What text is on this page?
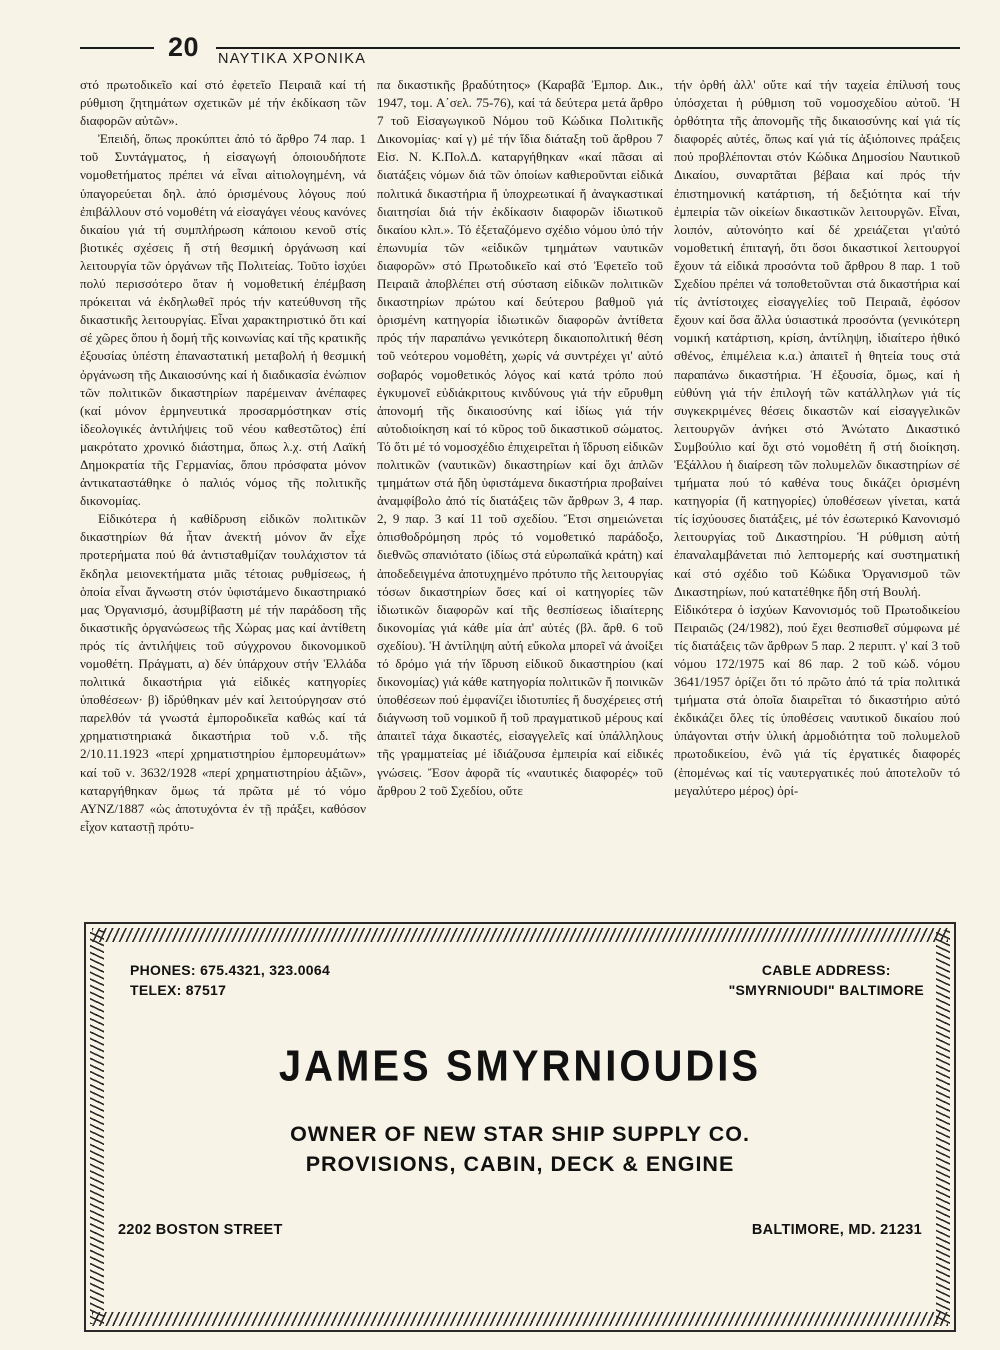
20 ΝΑΥΤΙΚΑ ΧΡΟΝΙΚΑ

στό πρωτοδικεῖο καί στό ἐφετεῖο Πειραιᾶ καί τή ρύθμιση ζητημάτων σχετικῶν μέ τήν ἐκδίκαση τῶν διαφορῶν αὐτῶν».

Ἐπειδή, ὅπως προκύπτει ἀπό τό ἄρθρο 74 παρ. 1 τοῦ Συντάγματος, ἡ εἰσαγωγή ὁποιουδήποτε νομοθετήματος πρέπει νά εἶναι αἰτιολογημένη, νά ὑπαγορεύεται δηλ. ἀπό ὁρισμένους λόγους πού ἐπιβάλλουν στό νομοθέτη νά εἰσαγάγει νέους κανόνες δικαίου γιά τή συμπλήρωση κάποιου κενοῦ στίς βιοτικές σχέσεις ἤ στή θεσμική ὀργάνωση καί λειτουργία τῶν ὀργάνων τῆς Πολιτείας. Τοῦτο ἰσχύει πολύ περισσότερο ὅταν ἡ νομοθετική ἐπέμβαση πρόκειται νά ἐκδηλωθεῖ πρός τήν κατεύθυνση τῆς δικαστικῆς λειτουργίας. Εἶναι χαρακτηριστικό ὅτι καί σέ χῶρες ὅπου ἡ δομή τῆς κοινωνίας καί τῆς κρατικῆς ἐξουσίας ὑπέστη ἐπαναστατική μεταβολή ἡ θεσμική ὀργάνωση τῆς Δικαιοσύνης καί ἡ διαδικασία ἐνώπιον τῶν πολιτικῶν δικαστηρίων παρέμειναν ἀνέπαφες (καί μόνον ἑρμηνευτικά προσαρμόστηκαν στίς ἰδεολογικές ἀντιλήψεις τοῦ νέου καθεστῶτος) ἐπί μακρότατο χρονικό διάστημα, ὅπως λ.χ. στή Λαϊκή Δημοκρατία τῆς Γερμανίας, ὅπου πρόσφατα μόνον ἀντικαταστάθηκε ὁ παλιός νόμος τῆς πολιτικῆς δικονομίας.

Εἰδικότερα ἡ καθίδρυση εἰδικῶν πολιτικῶν δικαστηρίων θά ἦταν ἀνεκτή μόνον ἄν εἶχε προτερήματα πού θά ἀντισταθμίζαν τουλάχιστον τά ἔκδηλα μειονεκτήματα μιᾶς τέτοιας ρυθμίσεως, ἡ ὁποία εἶναι ἄγνωστη στόν ὑφιστάμενο δικαστηριακό μας Ὀργανισμό, ἀσυμβίβαστη μέ τήν παράδοση τῆς δικαστικῆς ὀργανώσεως τῆς Χώρας μας καί ἀντίθετη πρός τίς ἀντιλήψεις τοῦ σύγχρονου δικονομικοῦ νομοθέτη. Πράγματι, α) δέν ὑπάρχουν στήν Ἑλλάδα πολιτικά δικαστήρια γιά εἰδικές κατηγορίες ὑποθέσεων· β) ἱδρύθηκαν μέν καί λειτούργησαν στό παρελθόν τά γνωστά ἐμποροδικεῖα καθώς καί τά χρηματιστηριακά δικαστήρια τοῦ ν.δ. τῆς 2/10.11.1923 «περί χρηματιστηρίου ἐμπορευμάτων» καί τοῦ ν. 3632/1928 «περί χρηματιστηρίου ἀξιῶν», καταργήθηκαν ὅμως τά πρῶτα μέ τό νόμο ΑΥΝΖ/1887 «ὡς ἀποτυχόντα ἐν τῇ πράξει, καθόσον εἶχον καταστῇ πρότυ-

πα δικαστικῆς βραδύτητος» (Καραβᾶ Ἐμπορ. Δικ., 1947, τομ. Α΄σελ. 75-76), καί τά δεύτερα μετά ἄρθρο 7 τοῦ Εἰσαγωγικοῦ Νόμου τοῦ Κώδικα Πολιτικῆς Δικονομίας· καί γ) μέ τήν ἴδια διάταξη τοῦ ἄρθρου 7 Εἰσ. Ν. Κ.Πολ.Δ. καταργήθηκαν «καί πᾶσαι αἱ διατάξεις νόμων διά τῶν ὁποίων καθιεροῦνται εἰδικά πολιτικά δικαστήρια ἤ ὑποχρεωτικαί ἤ ἀναγκαστικαί διαιτησίαι διά τήν ἐκδίκασιν διαφορῶν ἰδιωτικοῦ δικαίου κλπ.». Τό ἐξεταζόμενο σχέδιο νόμου ὑπό τήν ἐπωνυμία τῶν «εἰδικῶν τμημάτων ναυτικῶν διαφορῶν» στό Πρωτοδικεῖο καί στό Ἐφετεῖο τοῦ Πειραιᾶ ἀποβλέπει στή σύσταση εἰδικῶν πολιτικῶν δικαστηρίων πρώτου καί δεύτερου βαθμοῦ γιά ὁρισμένη κατηγορία ἰδιωτικῶν διαφορῶν ἀντίθετα πρός τήν παραπάνω γενικότερη δικαιοπολιτική θέση τοῦ νεότερου νομοθέτη, χωρίς νά συντρέχει γι' αὐτό σοβαρός νομοθετικός λόγος καί κατά τρόπο πού ἐγκυμονεῖ εὐδιάκριτους κινδύνους γιά τήν εὔρυθμη ἀπονομή τῆς δικαιοσύνης καί ἰδίως γιά τήν αὐτοδιοίκηση καί τό κῦρος τοῦ δικαστικοῦ σώματος. Τό ὅτι μέ τό νομοσχέδιο ἐπιχειρεῖται ἡ ἵδρυση εἰδικῶν πολιτικῶν (ναυτικῶν) δικαστηρίων καί ὄχι ἁπλῶν τμημάτων στά ἤδη ὑφιστάμενα δικαστήρια προβαίνει ἀναμφίβολο ἀπό τίς διατάξεις τῶν ἄρθρων 3, 4 παρ. 2, 9 παρ. 3 καί 11 τοῦ σχεδίου. Ἔτσι σημειώνεται ὀπισθοδρόμηση πρός τό νομοθετικό παράδοξο, διεθνῶς σπανιότατο (ἰδίως στά εὐρωπαϊκά κράτη) καί ἀποδεδειγμένα ἀποτυχημένο πρότυπο τῆς λειτουργίας τόσων δικαστηρίων ὅσες καί οἱ κατηγορίες τῶν ἰδιωτικῶν διαφορῶν καί τῆς θεσπίσεως ἰδιαίτερης δικονομίας γιά κάθε μία ἀπ' αὐτές (βλ. ἄρθ. 6 τοῦ σχεδίου). Ἡ ἀντίληψη αὐτή εὔκολα μπορεῖ νά ἀνοίξει τό δρόμο γιά τήν ἵδρυση εἰδικοῦ δικαστηρίου (καί δικονομίας) γιά κάθε κατηγορία πολιτικῶν ἤ ποινικῶν ὑποθέσεων πού ἐμφανίζει ἰδιοτυπίες ἤ δυσχέρειες στή διάγνωση τοῦ νομικοῦ ἤ τοῦ πραγματικοῦ μέρους καί ἀπαιτεῖ τάχα δικαστές, εἰσαγγελεῖς καί ὑπάλληλους τῆς γραμματείας μέ ἰδιάζουσα ἐμπειρία καί εἰδικές γνώσεις. Ἔσον ἀφορᾶ τίς «ναυτικές διαφορές» τοῦ ἄρθρου 2 τοῦ Σχεδίου, οὔτε

τήν ὀρθή ἀλλ' οὔτε καί τήν ταχεία ἐπίλυσή τους ὑπόσχεται ἡ ρύθμιση τοῦ νομοσχεδίου αὐτοῦ. Ἡ ὀρθότητα τῆς ἀπονομῆς τῆς δικαιοσύνης καί γιά τίς διαφορές αὐτές, ὅπως καί γιά τίς ἀξιόποινες πράξεις πού προβλέπονται στόν Κώδικα Δημοσίου Ναυτικοῦ Δικαίου, συναρτᾶται βέβαια καί πρός τήν ἐπιστημονική κατάρτιση, τή δεξιότητα καί τήν ἐμπειρία τῶν οἰκείων δικαστικῶν λειτουργῶν. Εἶναι, λοιπόν, αὐτονόητο καί δέ χρειάζεται γι'αὐτό νομοθετική ἐπιταγή, ὅτι ὅσοι δικαστικοί λειτουργοί ἔχουν τά εἰδικά προσόντα τοῦ ἄρθρου 8 παρ. 1 τοῦ Σχεδίου πρέπει νά τοποθετοῦνται στά δικαστήρια καί τίς ἀντίστοιχες εἰσαγγελίες τοῦ Πειραιᾶ, ἐφόσον ἔχουν καί ὅσα ἄλλα ὑσιαστικά προσόντα (γενικότερη νομική κατάρτιση, κρίση, ἀντίληψη, ἰδιαίτερο ἠθικό σθένος, ἐπιμέλεια κ.α.) ἀπαιτεῖ ἡ θητεία τους στά παραπάνω δικαστήρια. Ἡ ἐξουσία, ὅμως, καί ἡ εὐθύνη γιά τήν ἐπιλογή τῶν κατάλληλων γιά τίς συγκεκριμένες θέσεις δικαστῶν καί εἰσαγγελικῶν λειτουργῶν ἀνήκει στό Ἀνώτατο Δικαστικό Συμβούλιο καί ὄχι στό νομοθέτη ἤ στή διοίκηση. Ἐξάλλου ἡ διαίρεση τῶν πολυμελῶν δικαστηρίων σέ τμήματα πού τό καθένα τους δικάζει ὁρισμένη κατηγορία (ἤ κατηγορίες) ὑποθέσεων γίνεται, κατά τίς ἰσχύουσες διατάξεις, μέ τόν ἐσωτερικό Κανονισμό λειτουργίας τοῦ Δικαστηρίου. Ἡ ρύθμιση αὐτή ἐπαναλαμβάνεται πιό λεπτομερής καί συστηματική καί στό σχέδιο τοῦ Κώδικα Ὀργανισμοῦ τῶν Δικαστηρίων, πού κατατέθηκε ἤδη στή Βουλή.

Εἰδικότερα ὁ ἰσχύων Κανονισμός τοῦ Πρωτοδικείου Πειραιῶς (24/1982), πού ἔχει θεσπισθεῖ σύμφωνα μέ τίς διατάξεις τῶν ἄρθρων 5 παρ. 2 περιπτ. γ' καί 3 τοῦ νόμου 172/1975 καί 86 παρ. 2 τοῦ κώδ. νόμου 3641/1957 ὁρίζει ὅτι τό πρῶτο ἀπό τά τρία πολιτικά τμήματα στά ὁποῖα διαιρεῖται τό δικαστήριο αὐτό ἐκδικάζει ὅλες τίς ὑποθέσεις ναυτικοῦ δικαίου πού ὑπάγονται στήν ὑλική ἁρμοδιότητα τοῦ πολυμελοῦ πρωτοδικείου, ἐνῶ γιά τίς ἐργατικές διαφορές (ἑπομένως καί τίς ναυτεργατικές πού ἀποτελοῦν τό μεγαλύτερο μέρος) ὁρί-

PHONES: 675.4321, 323.0064
TELEX: 87517
CABLE ADDRESS:
"SMYRNIOUDI" BALTIMORE
JAMES SMYRNIOUDIS
OWNER OF NEW STAR SHIP SUPPLY CO.
PROVISIONS, CABIN, DECK & ENGINE
2202 BOSTON STREET	BALTIMORE, MD. 21231
